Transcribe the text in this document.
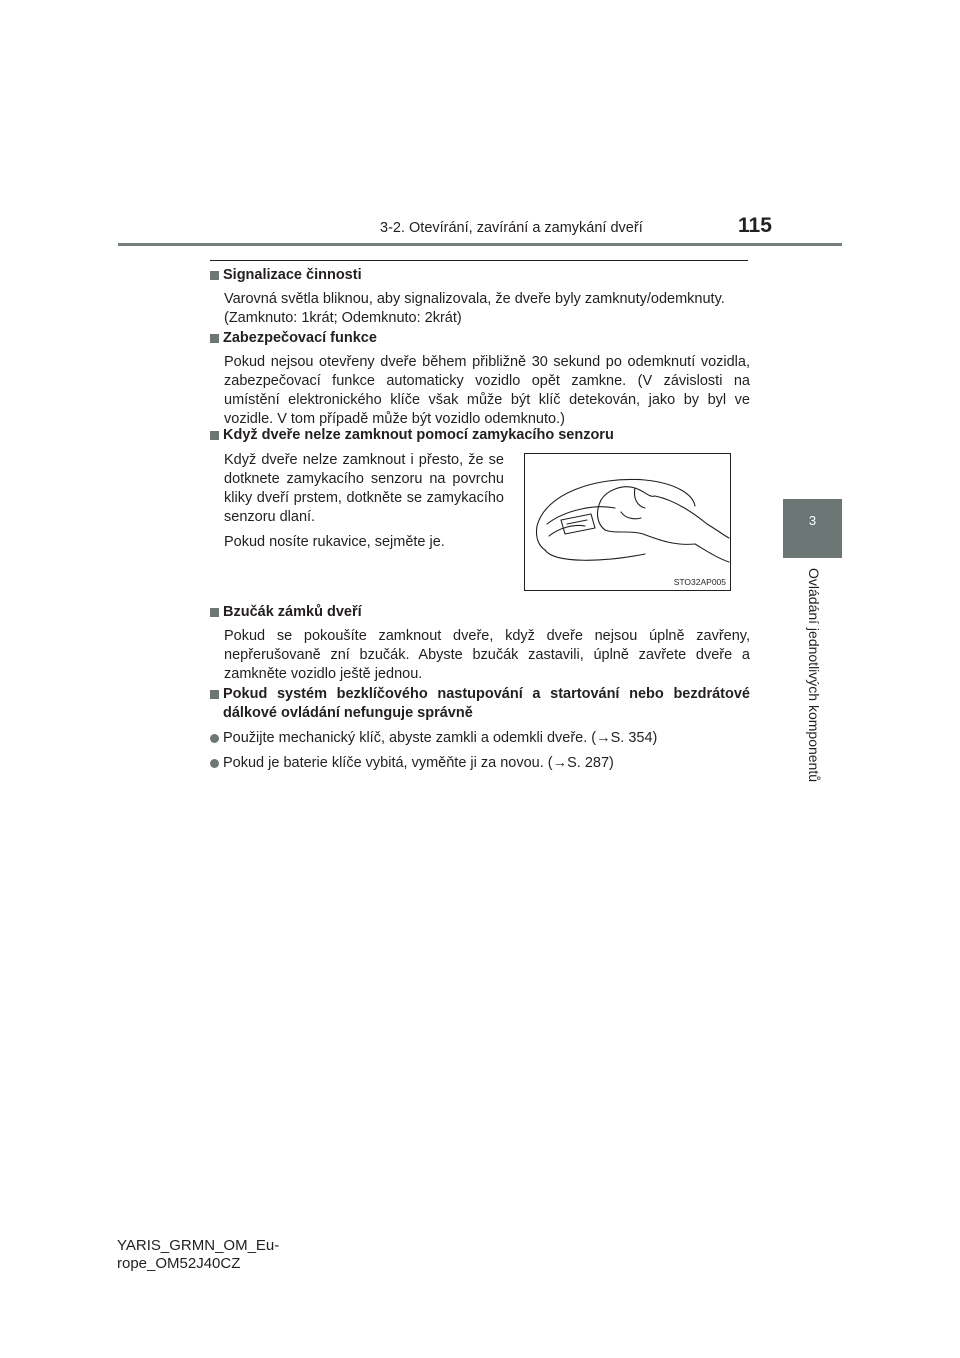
3-2. Otevírání, zavírání a zamykání dveří	115
3
Ovládání jednotlivých komponentů
Signalizace činnosti

Varovná světla bliknou, aby signalizovala, že dveře byly zamknuty/odemknuty.

(Zamknuto: 1krát; Odemknuto: 2krát)

Zabezpečovací funkce

Pokud nejsou otevřeny dveře během přibližně 30 sekund po odemknutí vozidla, zabezpečovací funkce automaticky vozidlo opět zamkne. (V závislosti na umístění elektronického klíče však může být klíč detekován, jako by byl ve vozidle. V tom případě může být vozidlo odemknuto.)

Když dveře nelze zamknout pomocí zamykacího senzoru

Když dveře nelze zamknout i přesto, že se dotknete zamykacího senzoru na povrchu kliky dveří prstem, dotkněte se zamykacího senzoru dlaní.

Pokud nosíte rukavice, sejměte je.

STO32AP005
Bzučák zámků dveří

Pokud se pokoušíte zamknout dveře, když dveře nejsou úplně zavřeny, nepřerušovaně zní bzučák. Abyste bzučák zastavili, úplně zavřete dveře a zamkněte vozidlo ještě jednou.

Pokud systém bezklíčového nastupování a startování nebo bezdrátové dálkové ovládání nefunguje správně
Použijte mechanický klíč, abyste zamkli a odemkli dveře. (→S. 354)
Pokud je baterie klíče vybitá, vyměňte ji za novou. (→S. 287)
YARIS_GRMN_OM_Eu-
rope_OM52J40CZ
